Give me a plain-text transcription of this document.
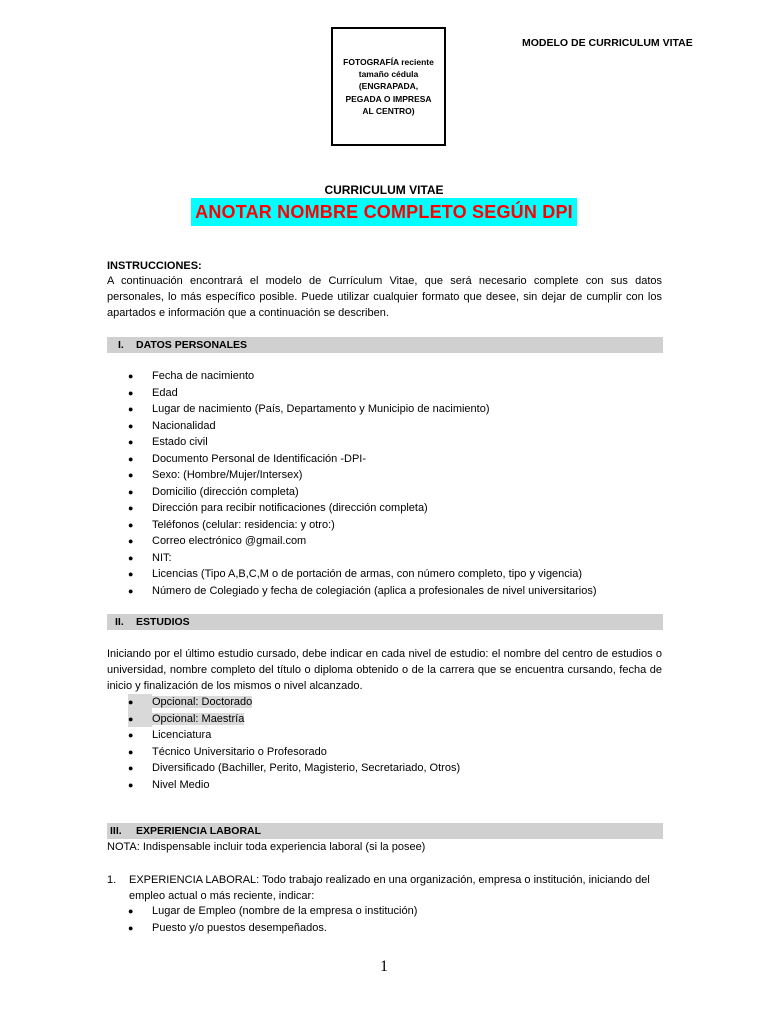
MODELO DE CURRICULUM VITAE
FOTOGRAFÍA reciente
tamaño cédula
(ENGRAPADA,
PEGADA O IMPRESA
AL CENTRO)
CURRICULUM VITAE
ANOTAR NOMBRE COMPLETO SEGÚN DPI
INSTRUCCIONES:

A continuación encontrará el modelo de Currículum Vitae, que será necesario complete con sus datos personales, lo más específico posible. Puede utilizar cualquier formato que desee, sin dejar de cumplir con los apartados e información que a continuación se describen.

I. DATOS PERSONALES
● Fecha de nacimiento
● Edad
● Lugar de nacimiento (País, Departamento y Municipio de nacimiento)
● Nacionalidad
● Estado civil
● Documento Personal de Identificación -DPI-
● Sexo: (Hombre/Mujer/Intersex)
● Domicilio (dirección completa)
● Dirección para recibir notificaciones (dirección completa)
● Teléfonos (celular: residencia: y otro:)
● Correo electrónico @gmail.com
● NIT:
● Licencias (Tipo A,B,C,M o de portación de armas, con número completo, tipo y vigencia)
● Número de Colegiado y fecha de colegiación (aplica a profesionales de nivel universitarios)
II. ESTUDIOS

Iniciando por el último estudio cursado, debe indicar en cada nivel de estudio: el nombre del centro de estudios o universidad, nombre completo del título o diploma obtenido o de la carrera que se encuentra cursando, fecha de inicio y finalización de los mismos o nivel alcanzado.

● Opcional: Doctorado
● Opcional: Maestría
● Licenciatura
● Técnico Universitario o Profesorado
● Diversificado (Bachiller, Perito, Magisterio, Secretariado, Otros)
● Nivel Medio
III. EXPERIENCIA LABORAL
NOTA: Indispensable incluir toda experiencia laboral (si la posee)
1. EXPERIENCIA LABORAL: Todo trabajo realizado en una organización, empresa o institución, iniciando del empleo actual o más reciente, indicar:
● Lugar de Empleo (nombre de la empresa o institución)
● Puesto y/o puestos desempeñados.
1
